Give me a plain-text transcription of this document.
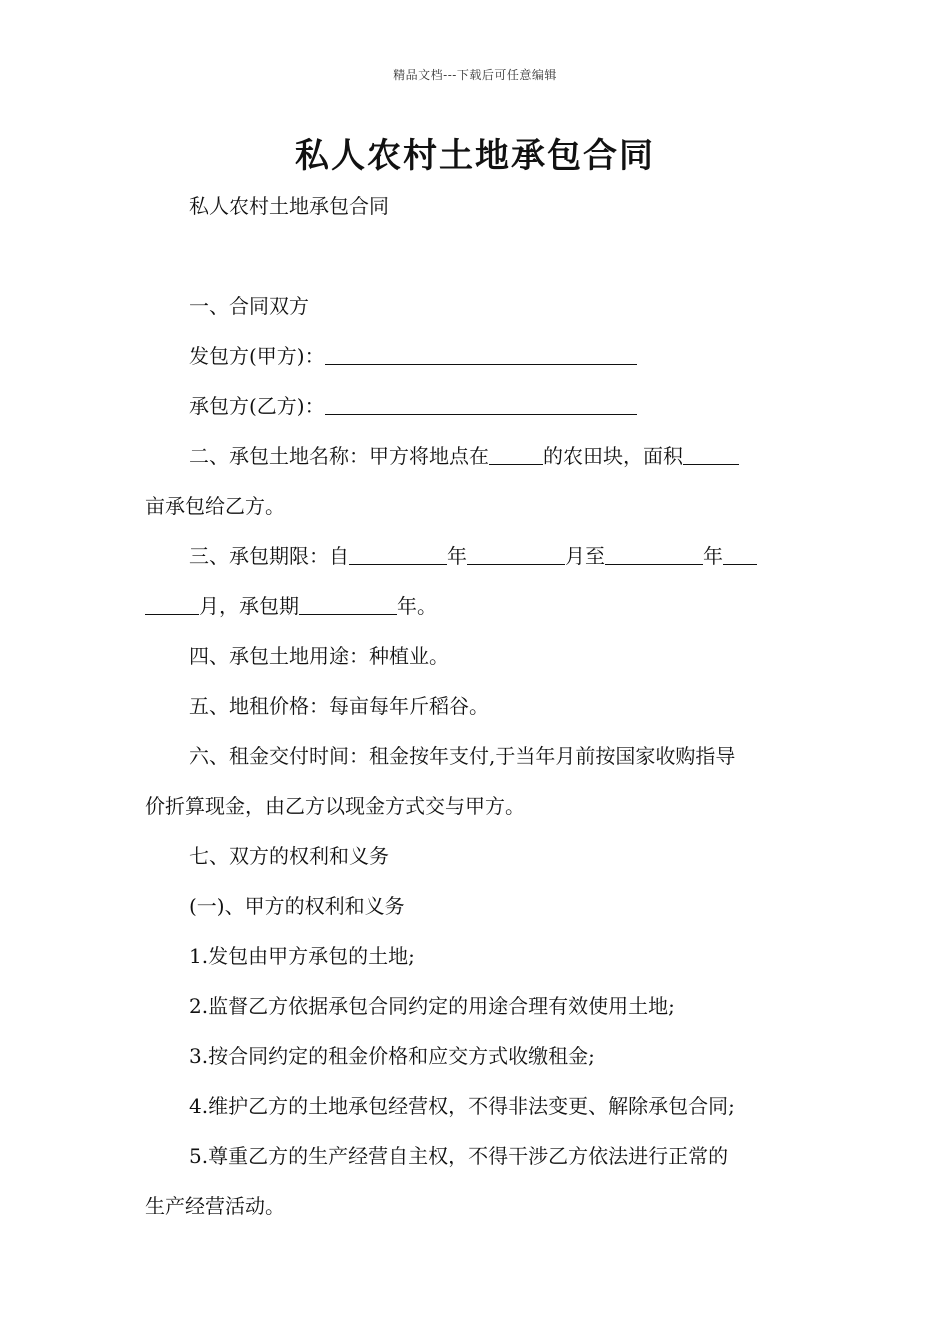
精品文档---下载后可任意编辑
私人农村土地承包合同
私人农村土地承包合同
一、合同双方
发包方(甲方)：
承包方(乙方)：
二、承包土地名称：甲方将地点在	的农田块，面积
亩承包给乙方。
三、承包期限：自	年	月至	年
月，承包期	年。
四、承包土地用途：种植业。
五、地租价格：每亩每年斤稻谷。
六、租金交付时间：租金按年支付,于当年月前按国家收购指导
价折算现金，由乙方以现金方式交与甲方。
七、双方的权利和义务
(一)、甲方的权利和义务
1.发包由甲方承包的土地;
2.监督乙方依据承包合同约定的用途合理有效使用土地;
3.按合同约定的租金价格和应交方式收缴租金;
4.维护乙方的土地承包经营权，不得非法变更、解除承包合同;
5.尊重乙方的生产经营自主权，不得干涉乙方依法进行正常的
生产经营活动。
